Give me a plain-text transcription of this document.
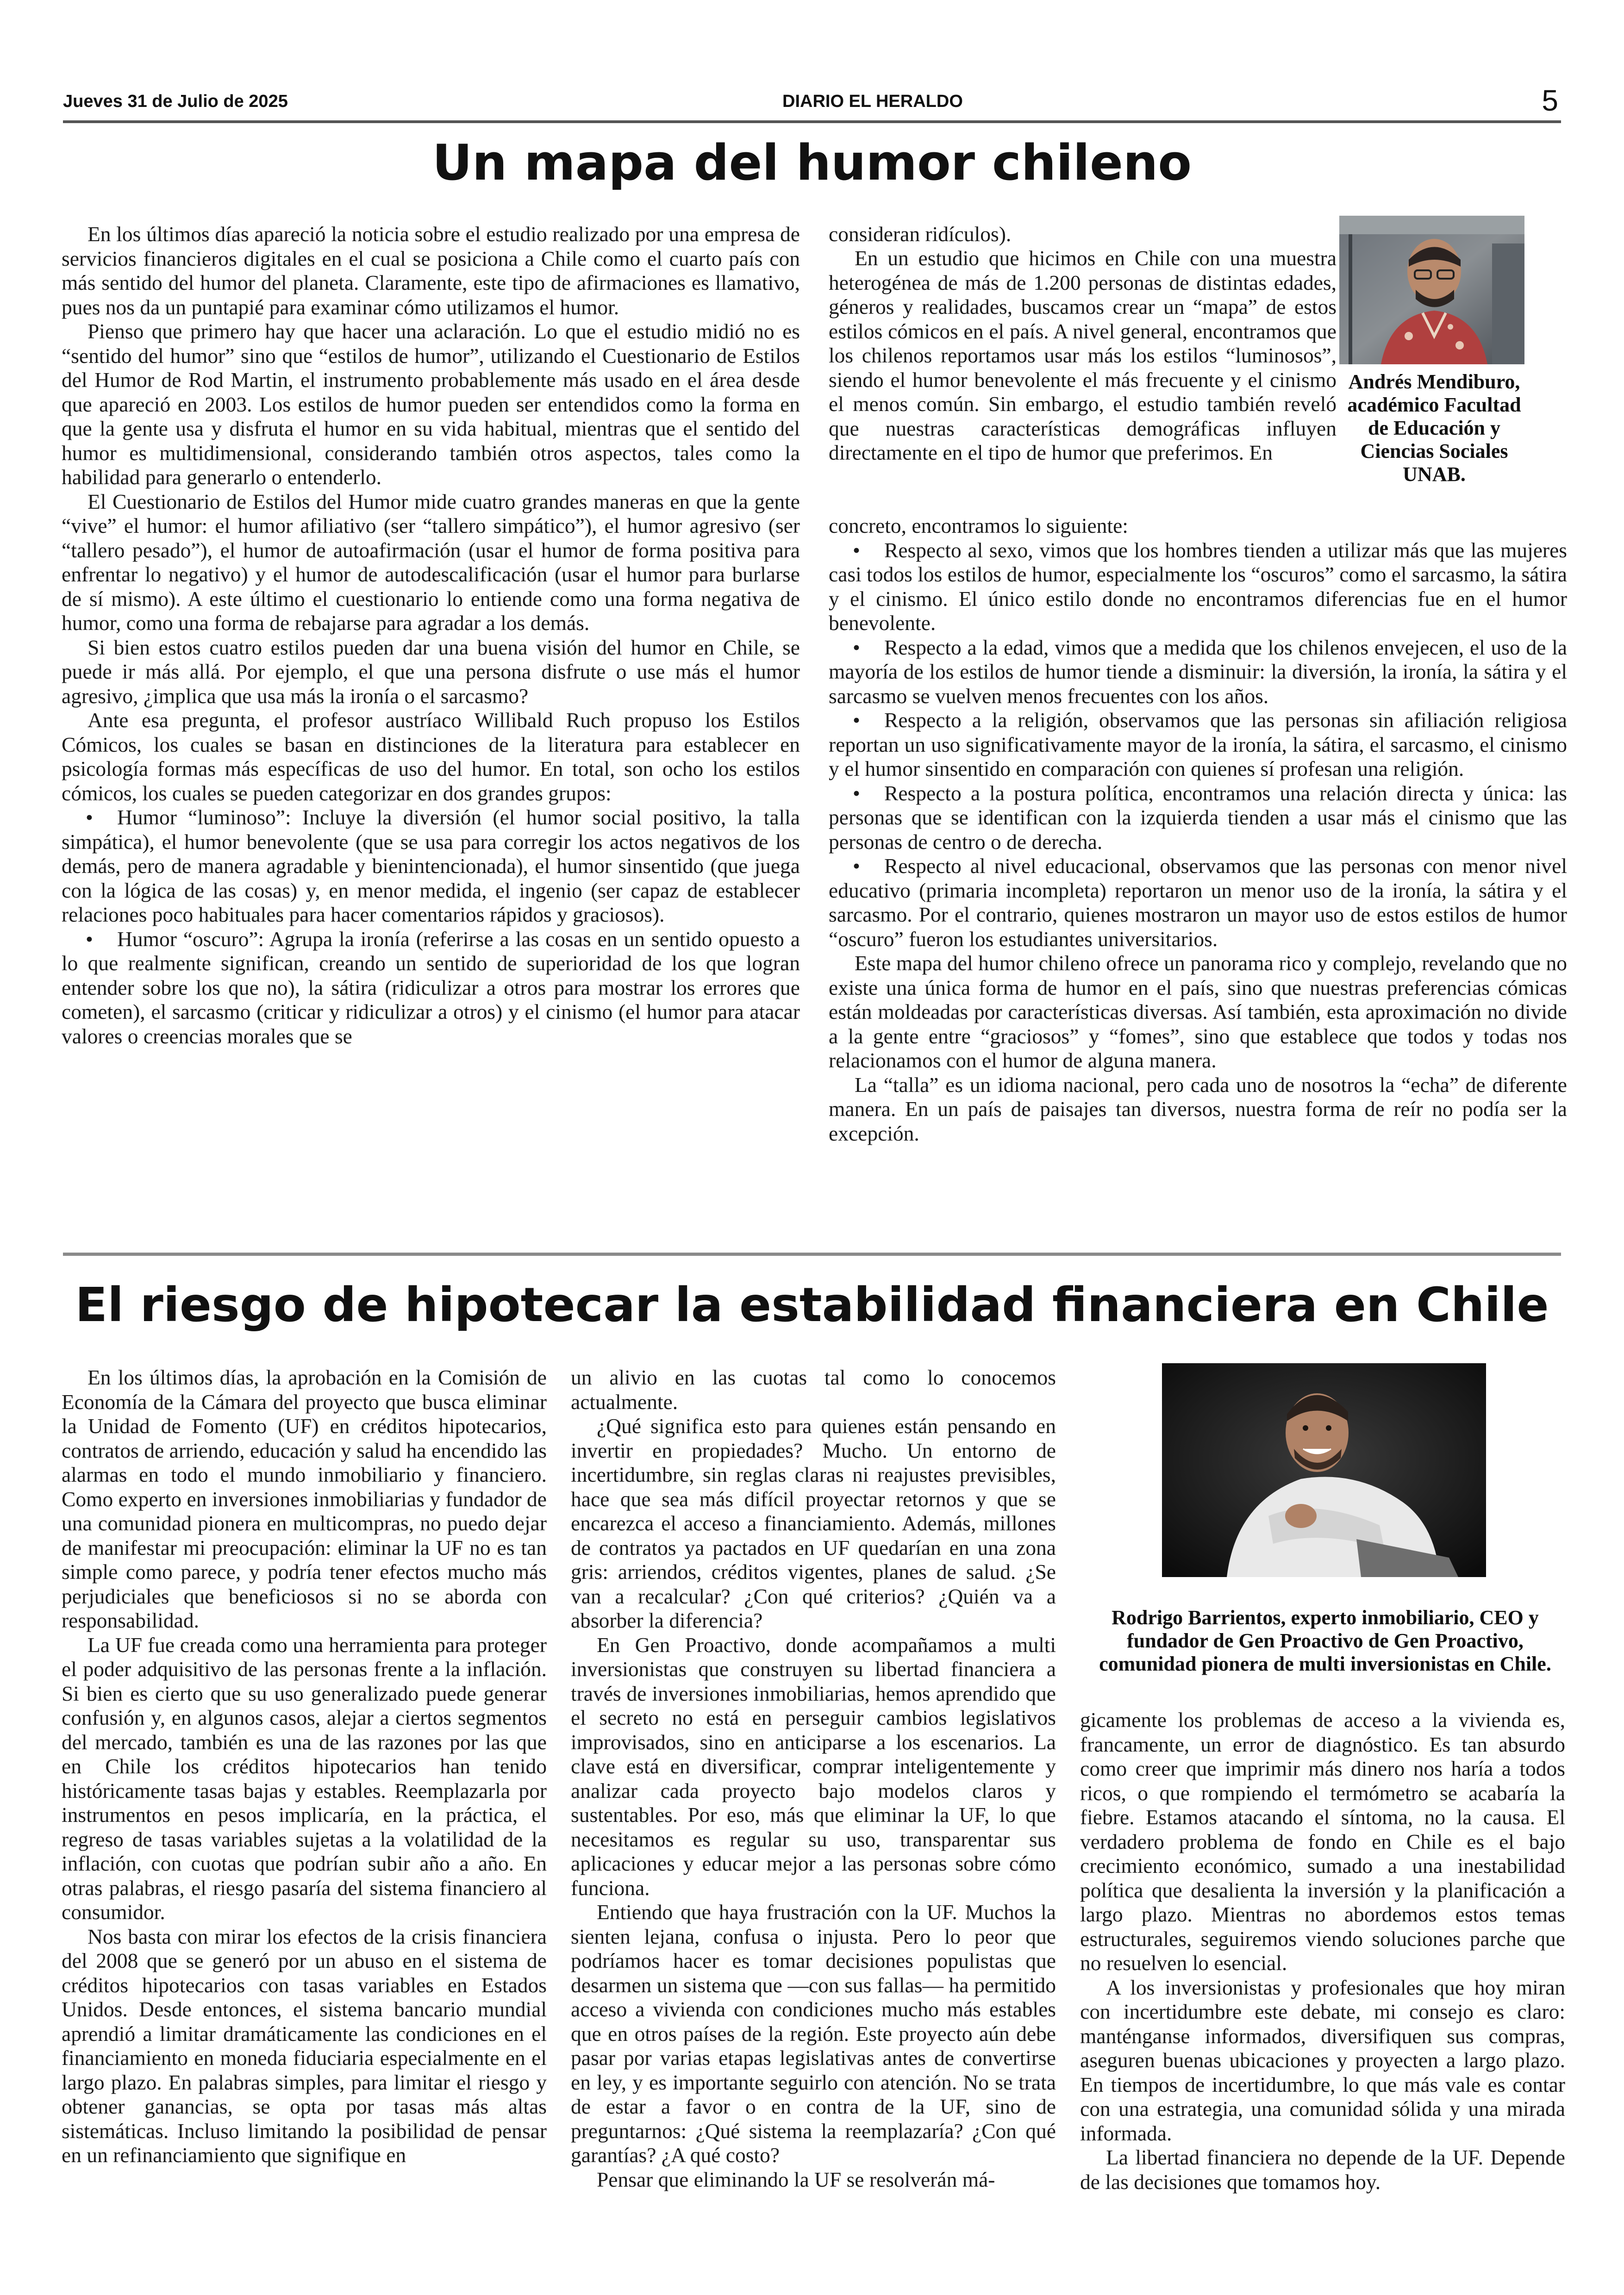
Jueves 31 de Julio de 2025	DIARIO EL HERALDO	5
Un mapa del humor chileno

En los últimos días apareció la noticia sobre el estudio realizado por una empresa de servicios financieros digitales en el cual se posiciona a Chile como el cuarto país con más sentido del humor del planeta. Claramente, este tipo de afirmaciones es llamativo, pues nos da un puntapié para examinar cómo utilizamos el humor.

Pienso que primero hay que hacer una aclaración. Lo que el estudio midió no es “sentido del humor” sino que “estilos de humor”, utilizando el Cuestionario de Estilos del Humor de Rod Martin, el instrumento probablemente más usado en el área desde que apareció en 2003. Los estilos de humor pueden ser entendidos como la forma en que la gente usa y disfruta el humor en su vida habitual, mientras que el sentido del humor es multidimensional, considerando también otros aspectos, tales como la habilidad para generarlo o entenderlo.

El Cuestionario de Estilos del Humor mide cuatro grandes maneras en que la gente “vive” el humor: el humor afiliativo (ser “tallero simpático”), el humor agresivo (ser “tallero pesado”), el humor de autoafirmación (usar el humor de forma positiva para enfrentar lo negativo) y el humor de autodescalificación (usar el humor para burlarse de sí mismo). A este último el cuestionario lo entiende como una forma negativa de humor, como una forma de rebajarse para agradar a los demás.

Si bien estos cuatro estilos pueden dar una buena visión del humor en Chile, se puede ir más allá. Por ejemplo, el que una persona disfrute o use más el humor agresivo, ¿implica que usa más la ironía o el sarcasmo?

Ante esa pregunta, el profesor austríaco Willibald Ruch propuso los Estilos Cómicos, los cuales se basan en distinciones de la literatura para establecer en psicología formas más específicas de uso del humor. En total, son ocho los estilos cómicos, los cuales se pueden categorizar en dos grandes grupos:

• Humor “luminoso”: Incluye la diversión (el humor social positivo, la talla simpática), el humor benevolente (que se usa para corregir los actos negativos de los demás, pero de manera agradable y bienintencionada), el humor sinsentido (que juega con la lógica de las cosas) y, en menor medida, el ingenio (ser capaz de establecer relaciones poco habituales para hacer comentarios rápidos y graciosos).

• Humor “oscuro”: Agrupa la ironía (referirse a las cosas en un sentido opuesto a lo que realmente significan, creando un sentido de superioridad de los que logran entender sobre los que no), la sátira (ridiculizar a otros para mostrar los errores que cometen), el sarcasmo (criticar y ridiculizar a otros) y el cinismo (el humor para atacar valores o creencias morales que se

consideran ridículos).

En un estudio que hicimos en Chile con una muestra heterogénea de más de 1.200 personas de distintas edades, géneros y realidades, buscamos crear un “mapa” de estos estilos cómicos en el país. A nivel general, encontramos que los chilenos reportamos usar más los estilos “luminosos”, siendo el humor benevolente el más frecuente y el cinismo el menos común. Sin embargo, el estudio también reveló que nuestras características demográficas influyen directamente en el tipo de humor que preferimos. En

Andrés Mendiburo, académico Facultad de Educación y Ciencias Sociales UNAB.

concreto, encontramos lo siguiente:

• Respecto al sexo, vimos que los hombres tienden a utilizar más que las mujeres casi todos los estilos de humor, especialmente los “oscuros” como el sarcasmo, la sátira y el cinismo. El único estilo donde no encontramos diferencias fue en el humor benevolente.

• Respecto a la edad, vimos que a medida que los chilenos envejecen, el uso de la mayoría de los estilos de humor tiende a disminuir: la diversión, la ironía, la sátira y el sarcasmo se vuelven menos frecuentes con los años.

• Respecto a la religión, observamos que las personas sin afiliación religiosa reportan un uso significativamente mayor de la ironía, la sátira, el sarcasmo, el cinismo y el humor sinsentido en comparación con quienes sí profesan una religión.

• Respecto a la postura política, encontramos una relación directa y única: las personas que se identifican con la izquierda tienden a usar más el cinismo que las personas de centro o de derecha.

• Respecto al nivel educacional, observamos que las personas con menor nivel educativo (primaria incompleta) reportaron un menor uso de la ironía, la sátira y el sarcasmo. Por el contrario, quienes mostraron un mayor uso de estos estilos de humor “oscuro” fueron los estudiantes universitarios.

Este mapa del humor chileno ofrece un panorama rico y complejo, revelando que no existe una única forma de humor en el país, sino que nuestras preferencias cómicas están moldeadas por características diversas. Así también, esta aproximación no divide a la gente entre “graciosos” y “fomes”, sino que establece que todos y todas nos relacionamos con el humor de alguna manera.

La “talla” es un idioma nacional, pero cada uno de nosotros la “echa” de diferente manera. En un país de paisajes tan diversos, nuestra forma de reír no podía ser la excepción.

El riesgo de hipotecar la estabilidad financiera en Chile

En los últimos días, la aprobación en la Comisión de Economía de la Cámara del proyecto que busca eliminar la Unidad de Fomento (UF) en créditos hipotecarios, contratos de arriendo, educación y salud ha encendido las alarmas en todo el mundo inmobiliario y financiero. Como experto en inversiones inmobiliarias y fundador de una comunidad pionera en multicompras, no puedo dejar de manifestar mi preocupación: eliminar la UF no es tan simple como parece, y podría tener efectos mucho más perjudiciales que beneficiosos si no se aborda con responsabilidad.

La UF fue creada como una herramienta para proteger el poder adquisitivo de las personas frente a la inflación. Si bien es cierto que su uso generalizado puede generar confusión y, en algunos casos, alejar a ciertos segmentos del mercado, también es una de las razones por las que en Chile los créditos hipotecarios han tenido históricamente tasas bajas y estables. Reemplazarla por instrumentos en pesos implicaría, en la práctica, el regreso de tasas variables sujetas a la volatilidad de la inflación, con cuotas que podrían subir año a año. En otras palabras, el riesgo pasaría del sistema financiero al consumidor.

Nos basta con mirar los efectos de la crisis financiera del 2008 que se generó por un abuso en el sistema de créditos hipotecarios con tasas variables en Estados Unidos. Desde entonces, el sistema bancario mundial aprendió a limitar dramáticamente las condiciones en el financiamiento en moneda fiduciaria especialmente en el largo plazo. En palabras simples, para limitar el riesgo y obtener ganancias, se opta por tasas más altas sistemáticas. Incluso limitando la posibilidad de pensar en un refinanciamiento que signifique en

un alivio en las cuotas tal como lo conocemos actualmente.

¿Qué significa esto para quienes están pensando en invertir en propiedades? Mucho. Un entorno de incertidumbre, sin reglas claras ni reajustes previsibles, hace que sea más difícil proyectar retornos y que se encarezca el acceso a financiamiento. Además, millones de contratos ya pactados en UF quedarían en una zona gris: arriendos, créditos vigentes, planes de salud. ¿Se van a recalcular? ¿Con qué criterios? ¿Quién va a absorber la diferencia?

En Gen Proactivo, donde acompañamos a multi inversionistas que construyen su libertad financiera a través de inversiones inmobiliarias, hemos aprendido que el secreto no está en perseguir cambios legislativos improvisados, sino en anticiparse a los escenarios. La clave está en diversificar, comprar inteligentemente y analizar cada proyecto bajo modelos claros y sustentables. Por eso, más que eliminar la UF, lo que necesitamos es regular su uso, transparentar sus aplicaciones y educar mejor a las personas sobre cómo funciona.

Entiendo que haya frustración con la UF. Muchos la sienten lejana, confusa o injusta. Pero lo peor que podríamos hacer es tomar decisiones populistas que desarmen un sistema que —con sus fallas— ha permitido acceso a vivienda con condiciones mucho más estables que en otros países de la región. Este proyecto aún debe pasar por varias etapas legislativas antes de convertirse en ley, y es importante seguirlo con atención. No se trata de estar a favor o en contra de la UF, sino de preguntarnos: ¿Qué sistema la reemplazaría? ¿Con qué garantías? ¿A qué costo?

Pensar que eliminando la UF se resolverán má-

Rodrigo Barrientos, experto inmobiliario, CEO y fundador de Gen Proactivo de Gen Proactivo, comunidad pionera de multi inversionistas en Chile.

gicamente los problemas de acceso a la vivienda es, francamente, un error de diagnóstico. Es tan absurdo como creer que imprimir más dinero nos haría a todos ricos, o que rompiendo el termómetro se acabaría la fiebre. Estamos atacando el síntoma, no la causa. El verdadero problema de fondo en Chile es el bajo crecimiento económico, sumado a una inestabilidad política que desalienta la inversión y la planificación a largo plazo. Mientras no abordemos estos temas estructurales, seguiremos viendo soluciones parche que no resuelven lo esencial.

A los inversionistas y profesionales que hoy miran con incertidumbre este debate, mi consejo es claro: manténganse informados, diversifiquen sus compras, aseguren buenas ubicaciones y proyecten a largo plazo. En tiempos de incertidumbre, lo que más vale es contar con una estrategia, una comunidad sólida y una mirada informada.

La libertad financiera no depende de la UF. Depende de las decisiones que tomamos hoy.
